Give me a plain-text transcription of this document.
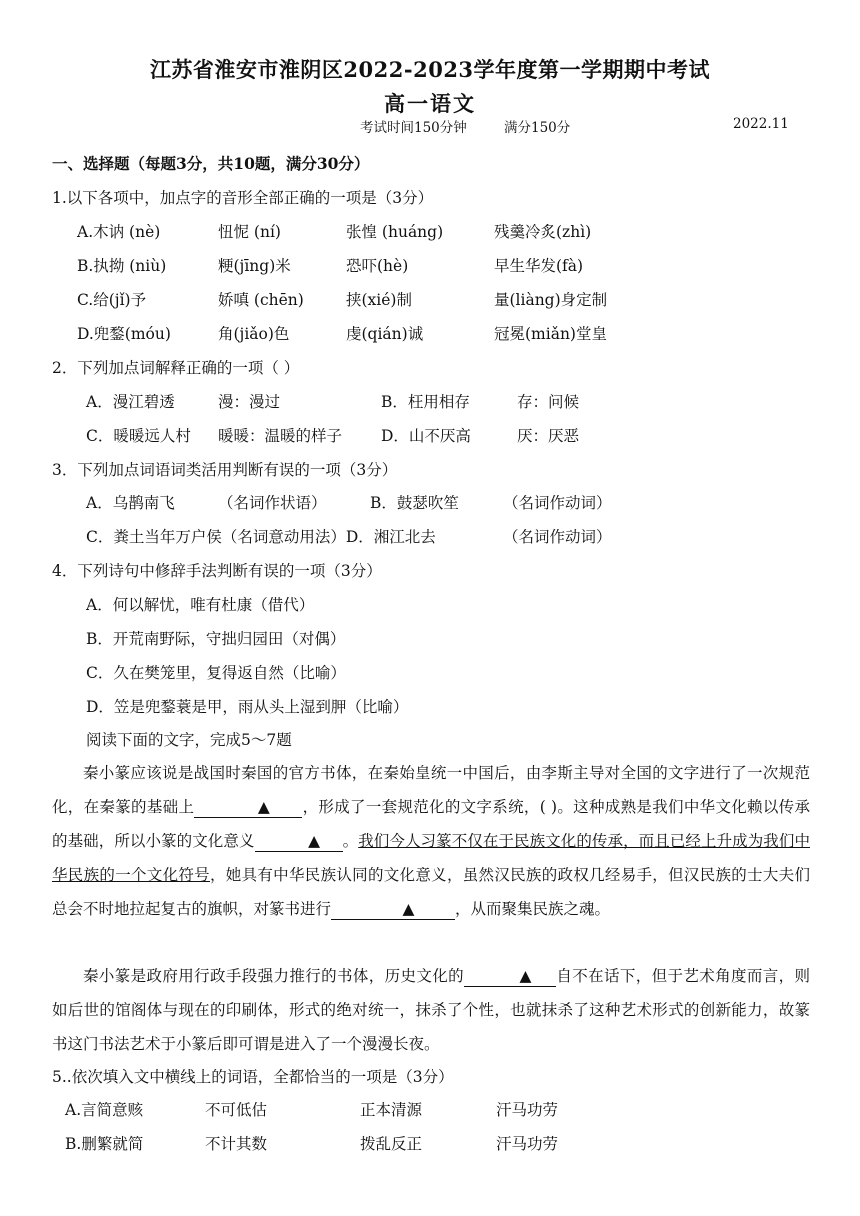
江苏省淮安市淮阴区2022-2023学年度第一学期期中考试
高一语文
考试时间150分钟	满分150分	2022.11
一、选择题（每题3分，共10题，满分30分）
1.以下各项中，加点字的音形全部正确的一项是（3分）
A.木讷 (nè)	忸怩 (ní)	张惶 (huáng)	残羹冷炙(zhì)
B.执拗 (niù)	粳(jīng)米	恐吓(hè)	早生华发(fà)
C.给(jǐ)予	娇嗔 (chēn)	挟(xié)制	量(liàng)身定制
D.兜鍪(móu)	角(jiǎo)色	虔(qián)诚	冠冕(miǎn)堂皇
2．下列加点词解释正确的一项（ ）
A．漫江碧透	漫：漫过	B．枉用相存	存：问候
C．暖暖远人村 暖暖：温暖的样子	D．山不厌高	厌：厌恶
3．下列加点词语词类活用判断有误的一项（3分）
A．乌鹊南飞	（名词作状语）	B．鼓瑟吹笙	（名词作动词）
C．粪土当年万户侯（名词意动用法）D．湘江北去	（名词作动词）
4．下列诗句中修辞手法判断有误的一项（3分）
A．何以解忧，唯有杜康（借代）
B．开荒南野际，守拙归园田（对偶）
C．久在樊笼里，复得返自然（比喻）
D．笠是兜鍪蓑是甲，雨从头上湿到胛（比喻）
阅读下面的文字，完成5～7题
秦小篆应该说是战国时秦国的官方书体，在秦始皇统一中国后，由李斯主导对全国的文字进行了一次规范化，在秦篆的基础上	▲ ，形成了一套规范化的文字系统，( )。这种成熟是我们中华文化赖以传承的基础，所以小篆的文化意义	▲ 。我们今人习篆不仅在于民族文化的传承，而且已经上升成为我们中华民族的一个文化符号，她具有中华民族认同的文化意义，虽然汉民族的政权几经易手，但汉民族的士大夫们总会不时地拉起复古的旗帜，对篆书进行	▲	，从而聚集民族之魂。
秦小篆是政府用行政手段强力推行的书体，历史文化的	▲ 自不在话下，但于艺术角度而言，则如后世的馆阁体与现在的印刷体，形式的绝对统一，抹杀了个性，也就抹杀了这种艺术形式的创新能力，故篆书这门书法艺术于小篆后即可谓是进入了一个漫漫长夜。
5..依次填入文中横线上的词语，全都恰当的一项是（3分）
A.言简意赅	不可低估	正本清源	汗马功劳
B.删繁就简	不计其数	拨乱反正	汗马功劳
